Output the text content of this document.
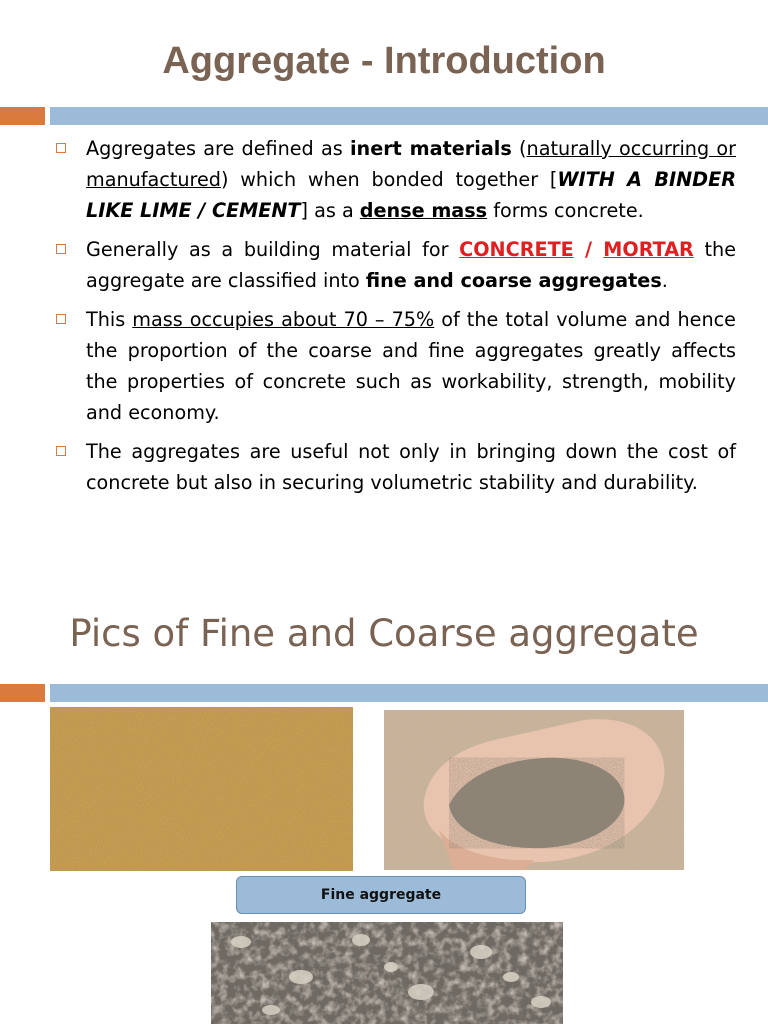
Aggregate - Introduction
Aggregates are defined as inert materials (naturally occurring or manufactured) which when bonded together [WITH A BINDER LIKE LIME / CEMENT] as a dense mass forms concrete.
Generally as a building material for CONCRETE / MORTAR the aggregate are classified into fine and coarse aggregates.
This mass occupies about 70 – 75% of the total volume and hence the proportion of the coarse and fine aggregates greatly affects the properties of concrete such as workability, strength, mobility and economy.
The aggregates are useful not only in bringing down the cost of concrete but also in securing volumetric stability and durability.
Pics of Fine and Coarse aggregate
Fine aggregate
